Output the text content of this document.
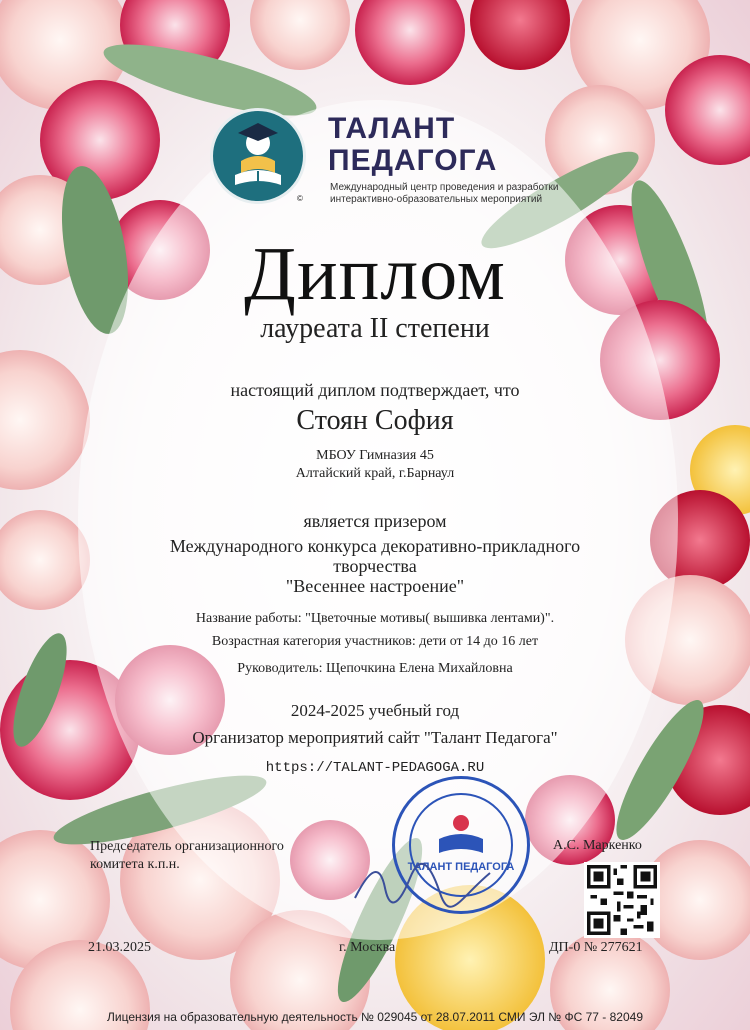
©
ТАЛАНТ
ПЕДАГОГА
Международный центр проведения и разработки интерактивно-образовательных мероприятий
Диплом
лауреата II степени
настоящий диплом подтверждает, что
Стоян София
МБОУ Гимназия 45
Алтайский край, г.Барнаул
является призером
Международного конкурса декоративно-прикладного
творчества
"Весеннее настроение"
Название работы: "Цветочные мотивы( вышивка лентами)".
Возрастная категория участников: дети от 14 до 16 лет
Руководитель: Щепочкина Елена Михайловна
2024-2025 учебный год
Организатор мероприятий сайт "Талант Педагога"
https://TALANT-PEDAGOGA.RU
ТАЛАНТ ПЕДАГОГА
Председатель организационного
комитета к.п.н.
А.С. Маркенко
21.03.2025	г. Москва	ДП-0 № 277621
Лицензия на образовательную деятельность № 029045 от 28.07.2011 СМИ ЭЛ № ФС 77 - 82049
